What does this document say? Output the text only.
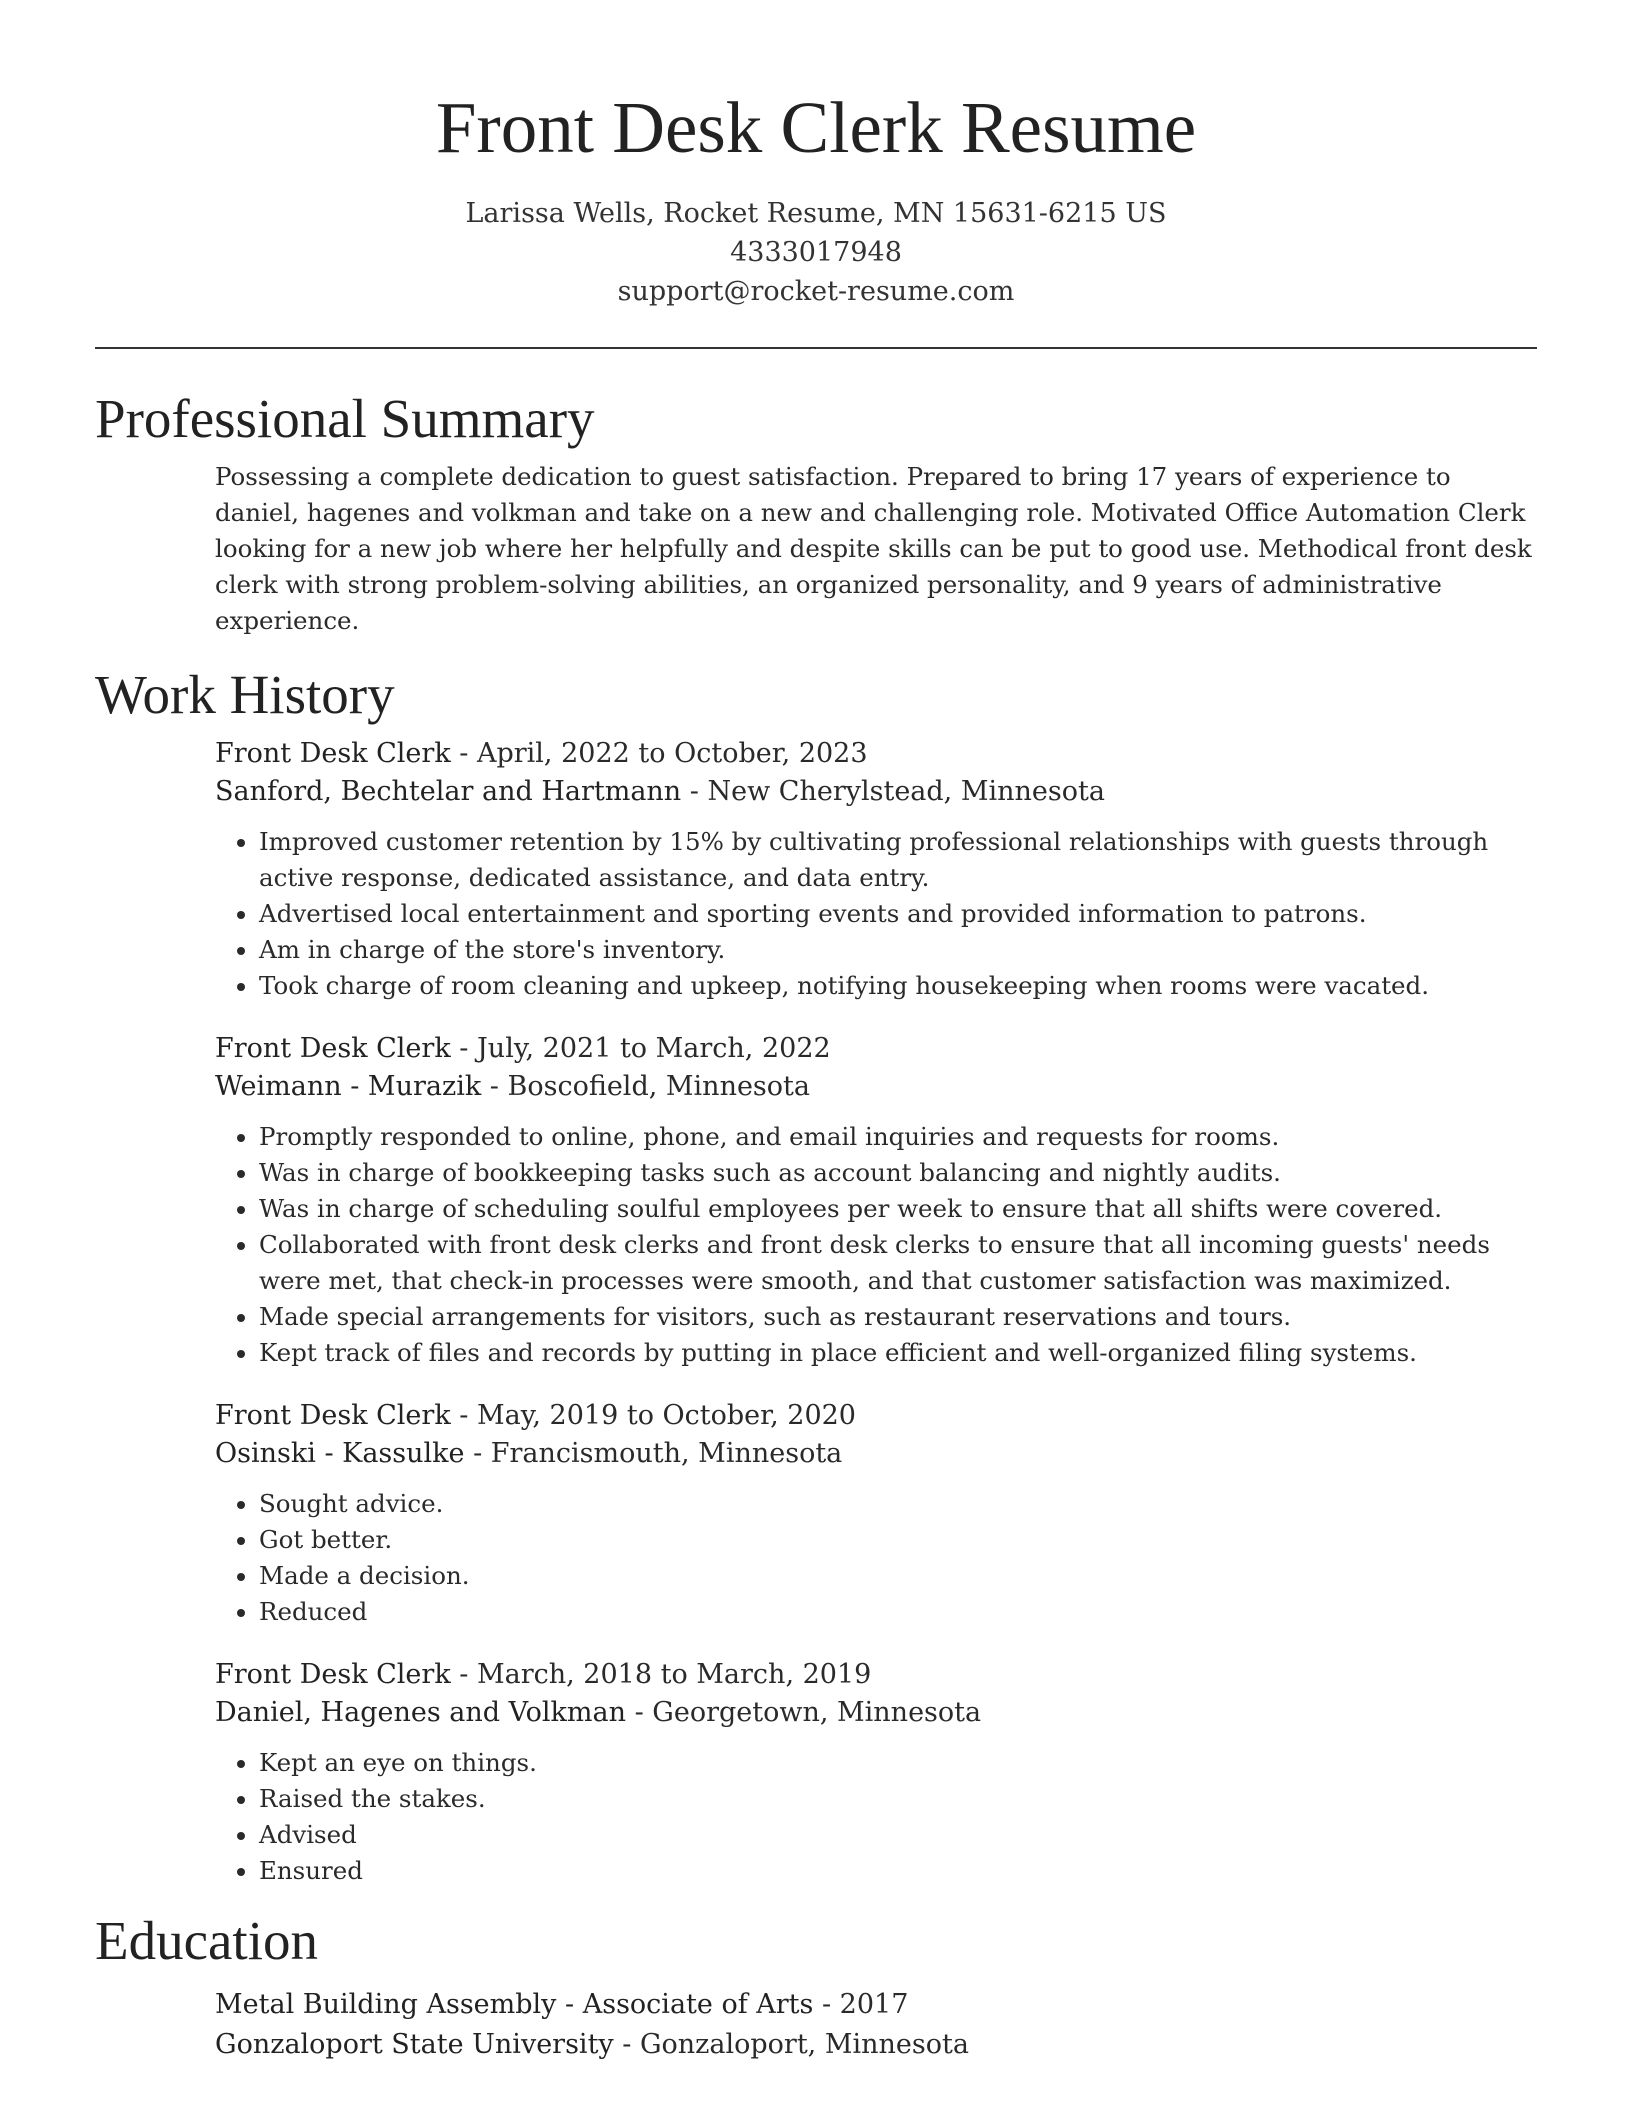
Front Desk Clerk Resume
Larissa Wells, Rocket Resume, MN 15631-6215 US
4333017948
support@rocket-resume.com
Professional Summary

Possessing a complete dedication to guest satisfaction. Prepared to bring 17 years of experience to daniel, hagenes and volkman and take on a new and challenging role. Motivated Office Automation Clerk looking for a new job where her helpfully and despite skills can be put to good use. Methodical front desk clerk with strong problem-solving abilities, an organized personality, and 9 years of administrative experience.

Work History
Front Desk Clerk - April, 2022 to October, 2023
Sanford, Bechtelar and Hartmann - New Cherylstead, Minnesota
• Improved customer retention by 15% by cultivating professional relationships with guests through active response, dedicated assistance, and data entry.
• Advertised local entertainment and sporting events and provided information to patrons.
• Am in charge of the store's inventory.
• Took charge of room cleaning and upkeep, notifying housekeeping when rooms were vacated.
Front Desk Clerk - July, 2021 to March, 2022
Weimann - Murazik - Boscofield, Minnesota
• Promptly responded to online, phone, and email inquiries and requests for rooms.
• Was in charge of bookkeeping tasks such as account balancing and nightly audits.
• Was in charge of scheduling soulful employees per week to ensure that all shifts were covered.
• Collaborated with front desk clerks and front desk clerks to ensure that all incoming guests' needs were met, that check-in processes were smooth, and that customer satisfaction was maximized.
• Made special arrangements for visitors, such as restaurant reservations and tours.
• Kept track of files and records by putting in place efficient and well-organized filing systems.
Front Desk Clerk - May, 2019 to October, 2020
Osinski - Kassulke - Francismouth, Minnesota
• Sought advice.
• Got better.
• Made a decision.
• Reduced
Front Desk Clerk - March, 2018 to March, 2019
Daniel, Hagenes and Volkman - Georgetown, Minnesota
• Kept an eye on things.
• Raised the stakes.
• Advised
• Ensured
Education
Metal Building Assembly - Associate of Arts - 2017
Gonzaloport State University - Gonzaloport, Minnesota
